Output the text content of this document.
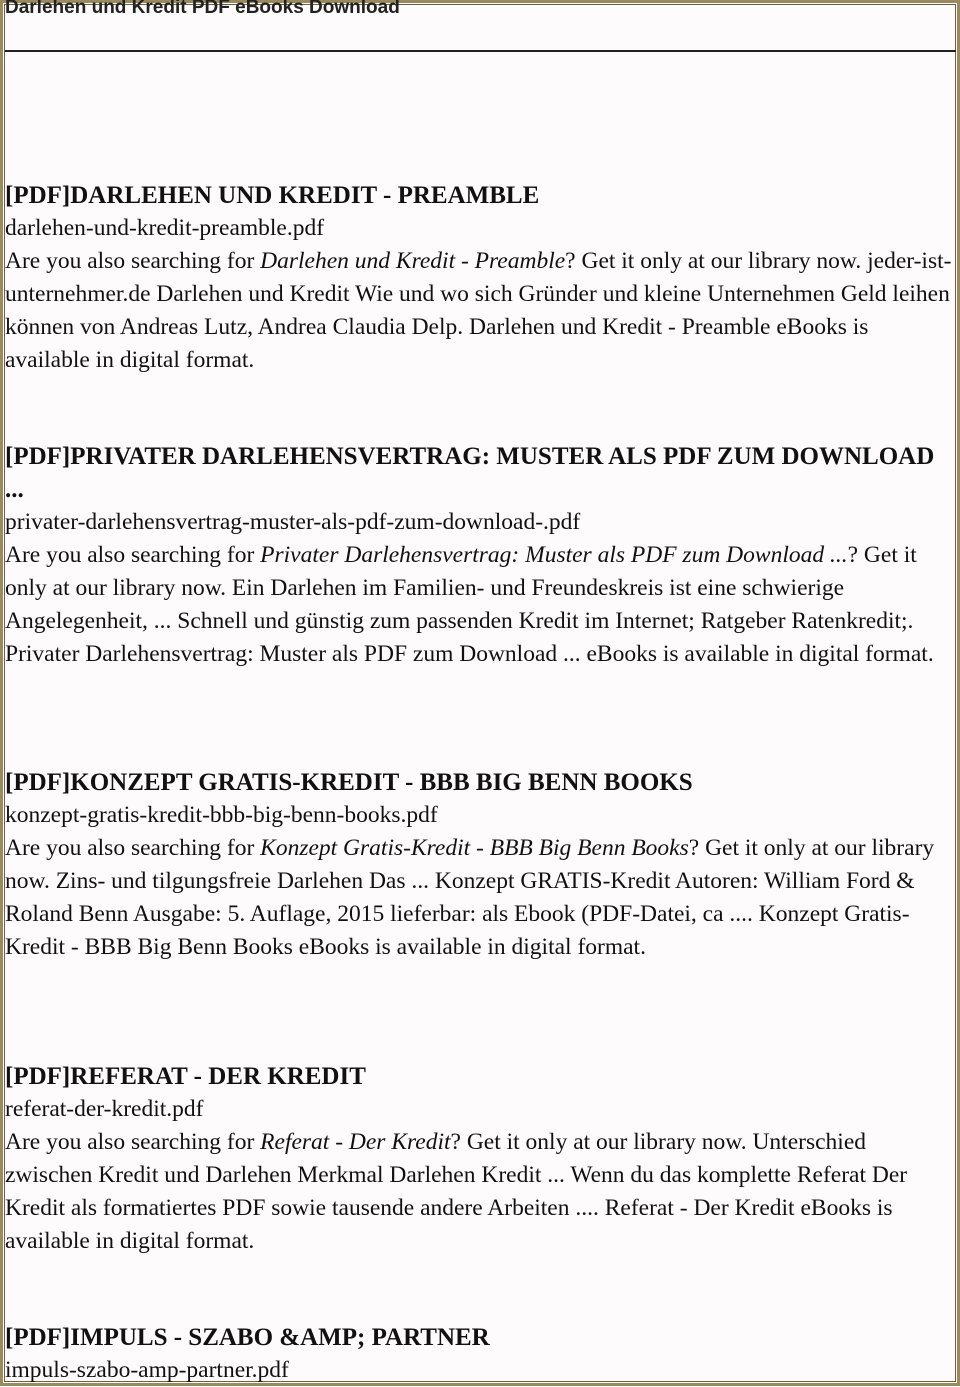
Darlehen und Kredit PDF eBooks Download

[PDF]DARLEHEN UND KREDIT - PREAMBLE

darlehen-und-kredit-preamble.pdf

Are you also searching for Darlehen und Kredit - Preamble? Get it only at our library now. jeder-ist-unternehmer.de Darlehen und Kredit Wie und wo sich Gründer und kleine Unternehmen Geld leihen können von Andreas Lutz, Andrea Claudia Delp. Darlehen und Kredit - Preamble eBooks is available in digital format.

[PDF]PRIVATER DARLEHENSVERTRAG: MUSTER ALS PDF ZUM DOWNLOAD ...

privater-darlehensvertrag-muster-als-pdf-zum-download-.pdf

Are you also searching for Privater Darlehensvertrag: Muster als PDF zum Download ...? Get it only at our library now. Ein Darlehen im Familien- und Freundeskreis ist eine schwierige Angelegenheit, ... Schnell und günstig zum passenden Kredit im Internet; Ratgeber Ratenkredit;. Privater Darlehensvertrag: Muster als PDF zum Download ... eBooks is available in digital format.

[PDF]KONZEPT GRATIS-KREDIT - BBB BIG BENN BOOKS

konzept-gratis-kredit-bbb-big-benn-books.pdf

Are you also searching for Konzept Gratis-Kredit - BBB Big Benn Books? Get it only at our library now. Zins- und tilgungsfreie Darlehen Das ... Konzept GRATIS-Kredit Autoren: William Ford & Roland Benn Ausgabe: 5. Auflage, 2015 lieferbar: als Ebook (PDF-Datei, ca .... Konzept Gratis-Kredit - BBB Big Benn Books eBooks is available in digital format.

[PDF]REFERAT - DER KREDIT

referat-der-kredit.pdf

Are you also searching for Referat - Der Kredit? Get it only at our library now. Unterschied zwischen Kredit und Darlehen Merkmal Darlehen Kredit ... Wenn du das komplette Referat Der Kredit als formatiertes PDF sowie tausende andere Arbeiten .... Referat - Der Kredit eBooks is available in digital format.

[PDF]IMPULS - SZABO &AMP; PARTNER

impuls-szabo-amp-partner.pdf
